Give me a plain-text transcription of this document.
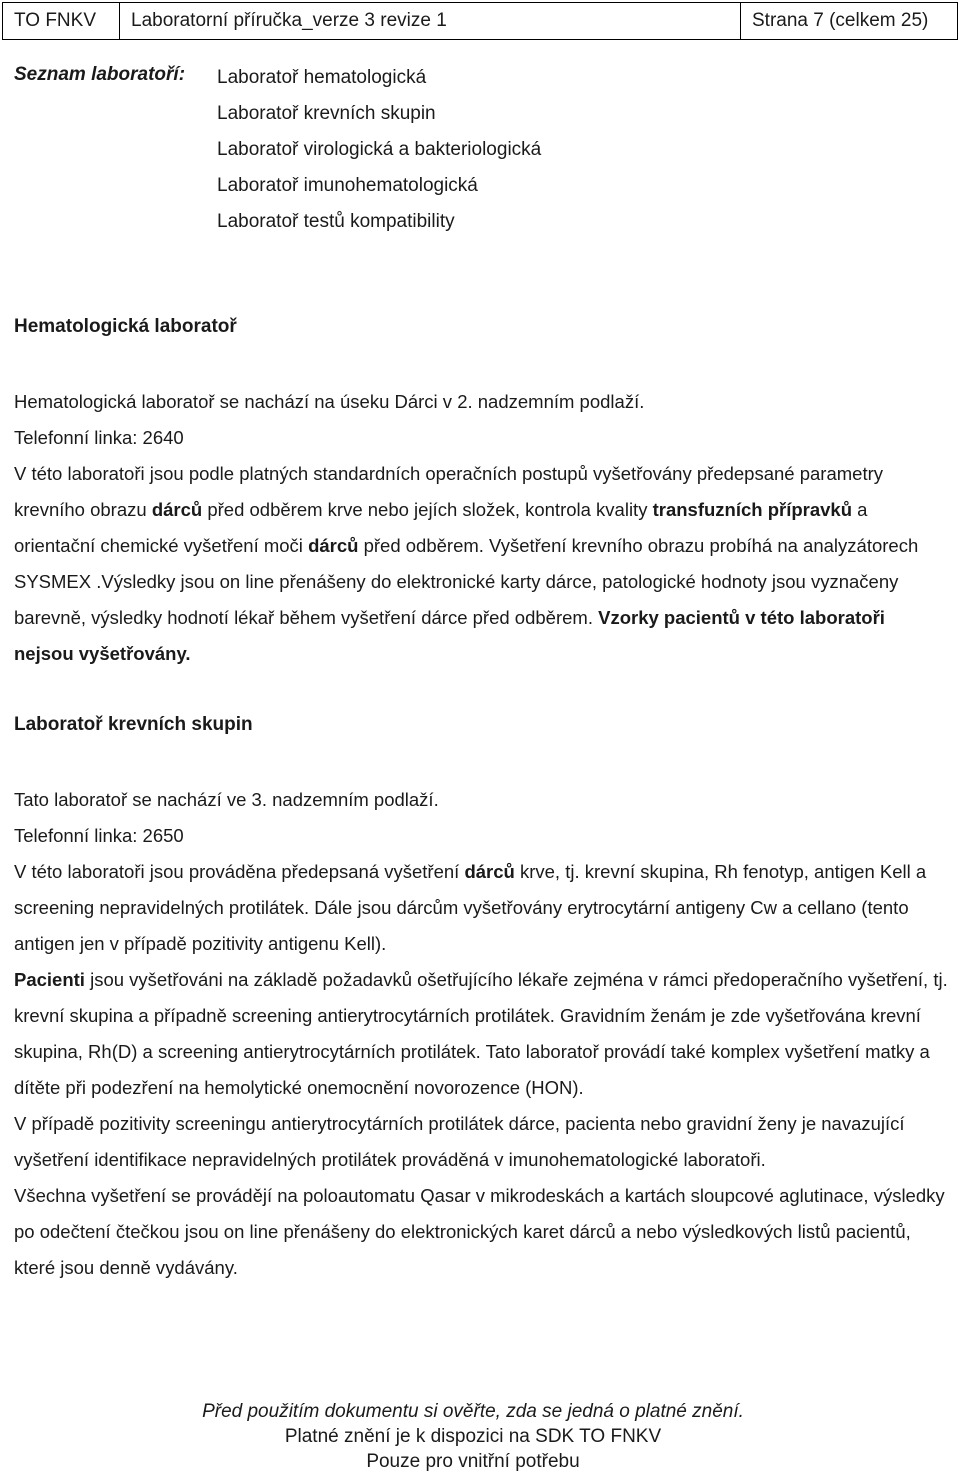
TO FNKV	Laboratorní příručka_verze 3 revize 1	Strana 7 (celkem 25)
Seznam laboratoří: Laboratoř hematologická
Laboratoř krevních skupin
Laboratoř virologická a bakteriologická
Laboratoř imunohematologická
Laboratoř testů kompatibility
Hematologická laboratoř

Hematologická laboratoř se nachází na úseku Dárci v 2. nadzemním podlaží.

Telefonní linka: 2640

V této laboratoři jsou podle platných standardních operačních postupů vyšetřovány předepsané parametry krevního obrazu dárců před odběrem krve nebo jejích složek, kontrola kvality transfuzních přípravků a orientační chemické vyšetření moči dárců před odběrem. Vyšetření krevního obrazu probíhá na analyzátorech SYSMEX .Výsledky jsou on line přenášeny do elektronické karty dárce, patologické hodnoty jsou vyznačeny barevně, výsledky hodnotí lékař během vyšetření dárce před odběrem. Vzorky pacientů v této laboratoři nejsou vyšetřovány.

Laboratoř krevních skupin

Tato laboratoř se nachází ve 3. nadzemním podlaží.

Telefonní linka: 2650

V této laboratoři jsou prováděna předepsaná vyšetření dárců krve, tj. krevní skupina, Rh fenotyp, antigen Kell a screening nepravidelných protilátek. Dále jsou dárcům vyšetřovány erytrocytární antigeny Cw a cellano (tento antigen jen v případě pozitivity antigenu Kell).

Pacienti jsou vyšetřováni na základě požadavků ošetřujícího lékaře zejména v rámci předoperačního vyšetření, tj. krevní skupina a případně screening antierytrocytárních protilátek. Gravidním ženám je zde vyšetřována krevní skupina, Rh(D) a screening antierytrocytárních protilátek. Tato laboratoř provádí také komplex vyšetření matky a dítěte při podezření na hemolytické onemocnění novorozence (HON).

V případě pozitivity screeningu antierytrocytárních protilátek dárce, pacienta nebo gravidní ženy je navazující vyšetření identifikace nepravidelných protilátek prováděná v imunohematologické laboratoři.

Všechna vyšetření se provádějí na poloautomatu Qasar v mikrodeskách a kartách sloupcové aglutinace, výsledky po odečtení čtečkou jsou on line přenášeny do elektronických karet dárců a nebo výsledkových listů pacientů, které jsou denně vydávány.

Před použitím dokumentu si ověřte, zda se jedná o platné znění.
Platné znění je k dispozici na SDK TO FNKV
Pouze pro vnitřní potřebu
